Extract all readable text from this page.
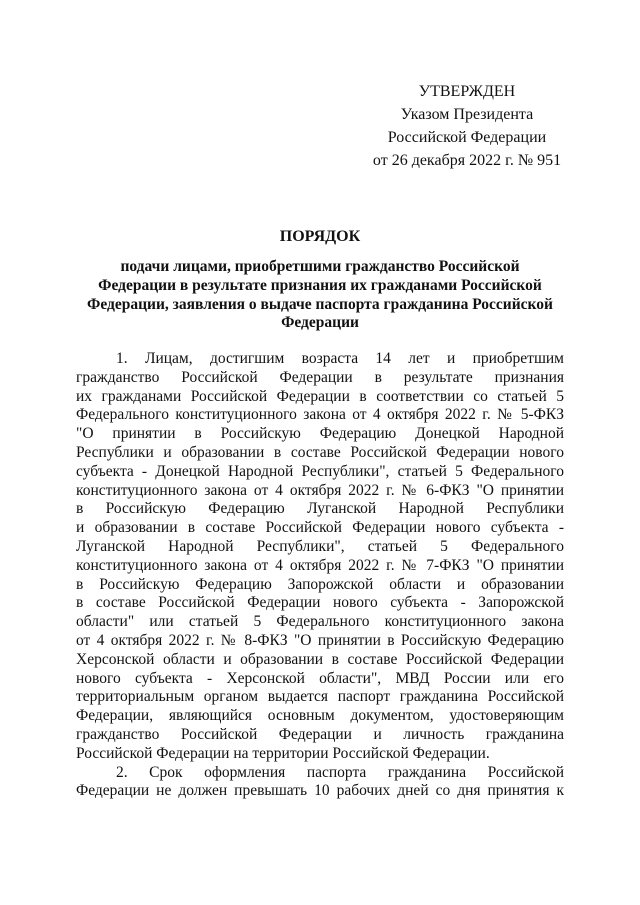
УТВЕРЖДЕН
Указом Президента
Российской Федерации
от 26 декабря 2022 г. № 951
ПОРЯДОК
подачи лицами, приобретшими гражданство Российской
Федерации в результате признания их гражданами Российской
Федерации, заявления о выдаче паспорта гражданина Российской
Федерации
1. Лицам, достигшим возраста 14 лет и приобретшим
гражданство Российской Федерации в результате признания
их гражданами Российской Федерации в соответствии со статьей 5
Федерального конституционного закона от 4 октября 2022 г. № 5-ФКЗ
"О принятии в Российскую Федерацию Донецкой Народной
Республики и образовании в составе Российской Федерации нового
субъекта - Донецкой Народной Республики", статьей 5 Федерального
конституционного закона от 4 октября 2022 г. № 6-ФКЗ "О принятии
в Российскую Федерацию Луганской Народной Республики
и образовании в составе Российской Федерации нового субъекта -
Луганской Народной Республики", статьей 5 Федерального
конституционного закона от 4 октября 2022 г. № 7-ФКЗ "О принятии
в Российскую Федерацию Запорожской области и образовании
в составе Российской Федерации нового субъекта - Запорожской
области" или статьей 5 Федерального конституционного закона
от 4 октября 2022 г. № 8-ФКЗ "О принятии в Российскую Федерацию
Херсонской области и образовании в составе Российской Федерации
нового субъекта - Херсонской области", МВД России или его
территориальным органом выдается паспорт гражданина Российской
Федерации, являющийся основным документом, удостоверяющим
гражданство Российской Федерации и личность гражданина
Российской Федерации на территории Российской Федерации.
2. Срок оформления паспорта гражданина Российской
Федерации не должен превышать 10 рабочих дней со дня принятия к
